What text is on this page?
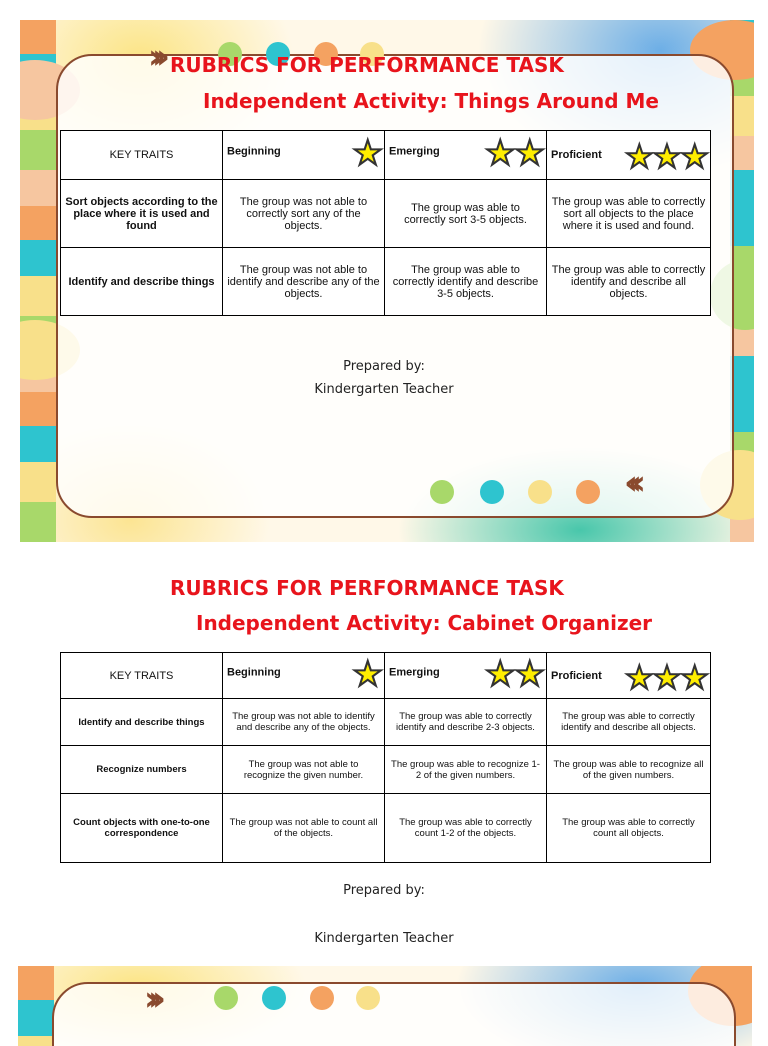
›››
‹‹‹
RUBRICS FOR PERFORMANCE TASK
Independent Activity: Things Around Me
KEY TRAITS	Beginning ★	Emerging ★★	Proficient ★★★

Sort objects according to the place where it is used and found	The group was not able to correctly sort any of the objects.	The group was able to correctly sort 3-5 objects.	The group was able to correctly sort all objects to the place where it is used and found.
Identify and describe things	The group was not able to identify and describe any of the objects.	The group was able to correctly identify and describe 3-5 objects.	The group was able to correctly identify and describe all objects.
Prepared by:
Kindergarten Teacher
RUBRICS FOR PERFORMANCE TASK
Independent Activity: Cabinet Organizer
KEY TRAITS	Beginning ★	Emerging ★★	Proficient ★★★

Identify and describe things	The group was not able to identify and describe any of the objects.	The group was able to correctly identify and describe 2-3 objects.	The group was able to correctly identify and describe all objects.
Recognize numbers	The group was not able to recognize the given number.	The group was able to recognize 1-2 of the given numbers.	The group was able to recognize all of the given numbers.
Count objects with one-to-one correspondence	The group was not able to count all of the objects.	The group was able to correctly count 1-2 of the objects.	The group was able to correctly count all objects.
Prepared by:
Kindergarten Teacher
›››
